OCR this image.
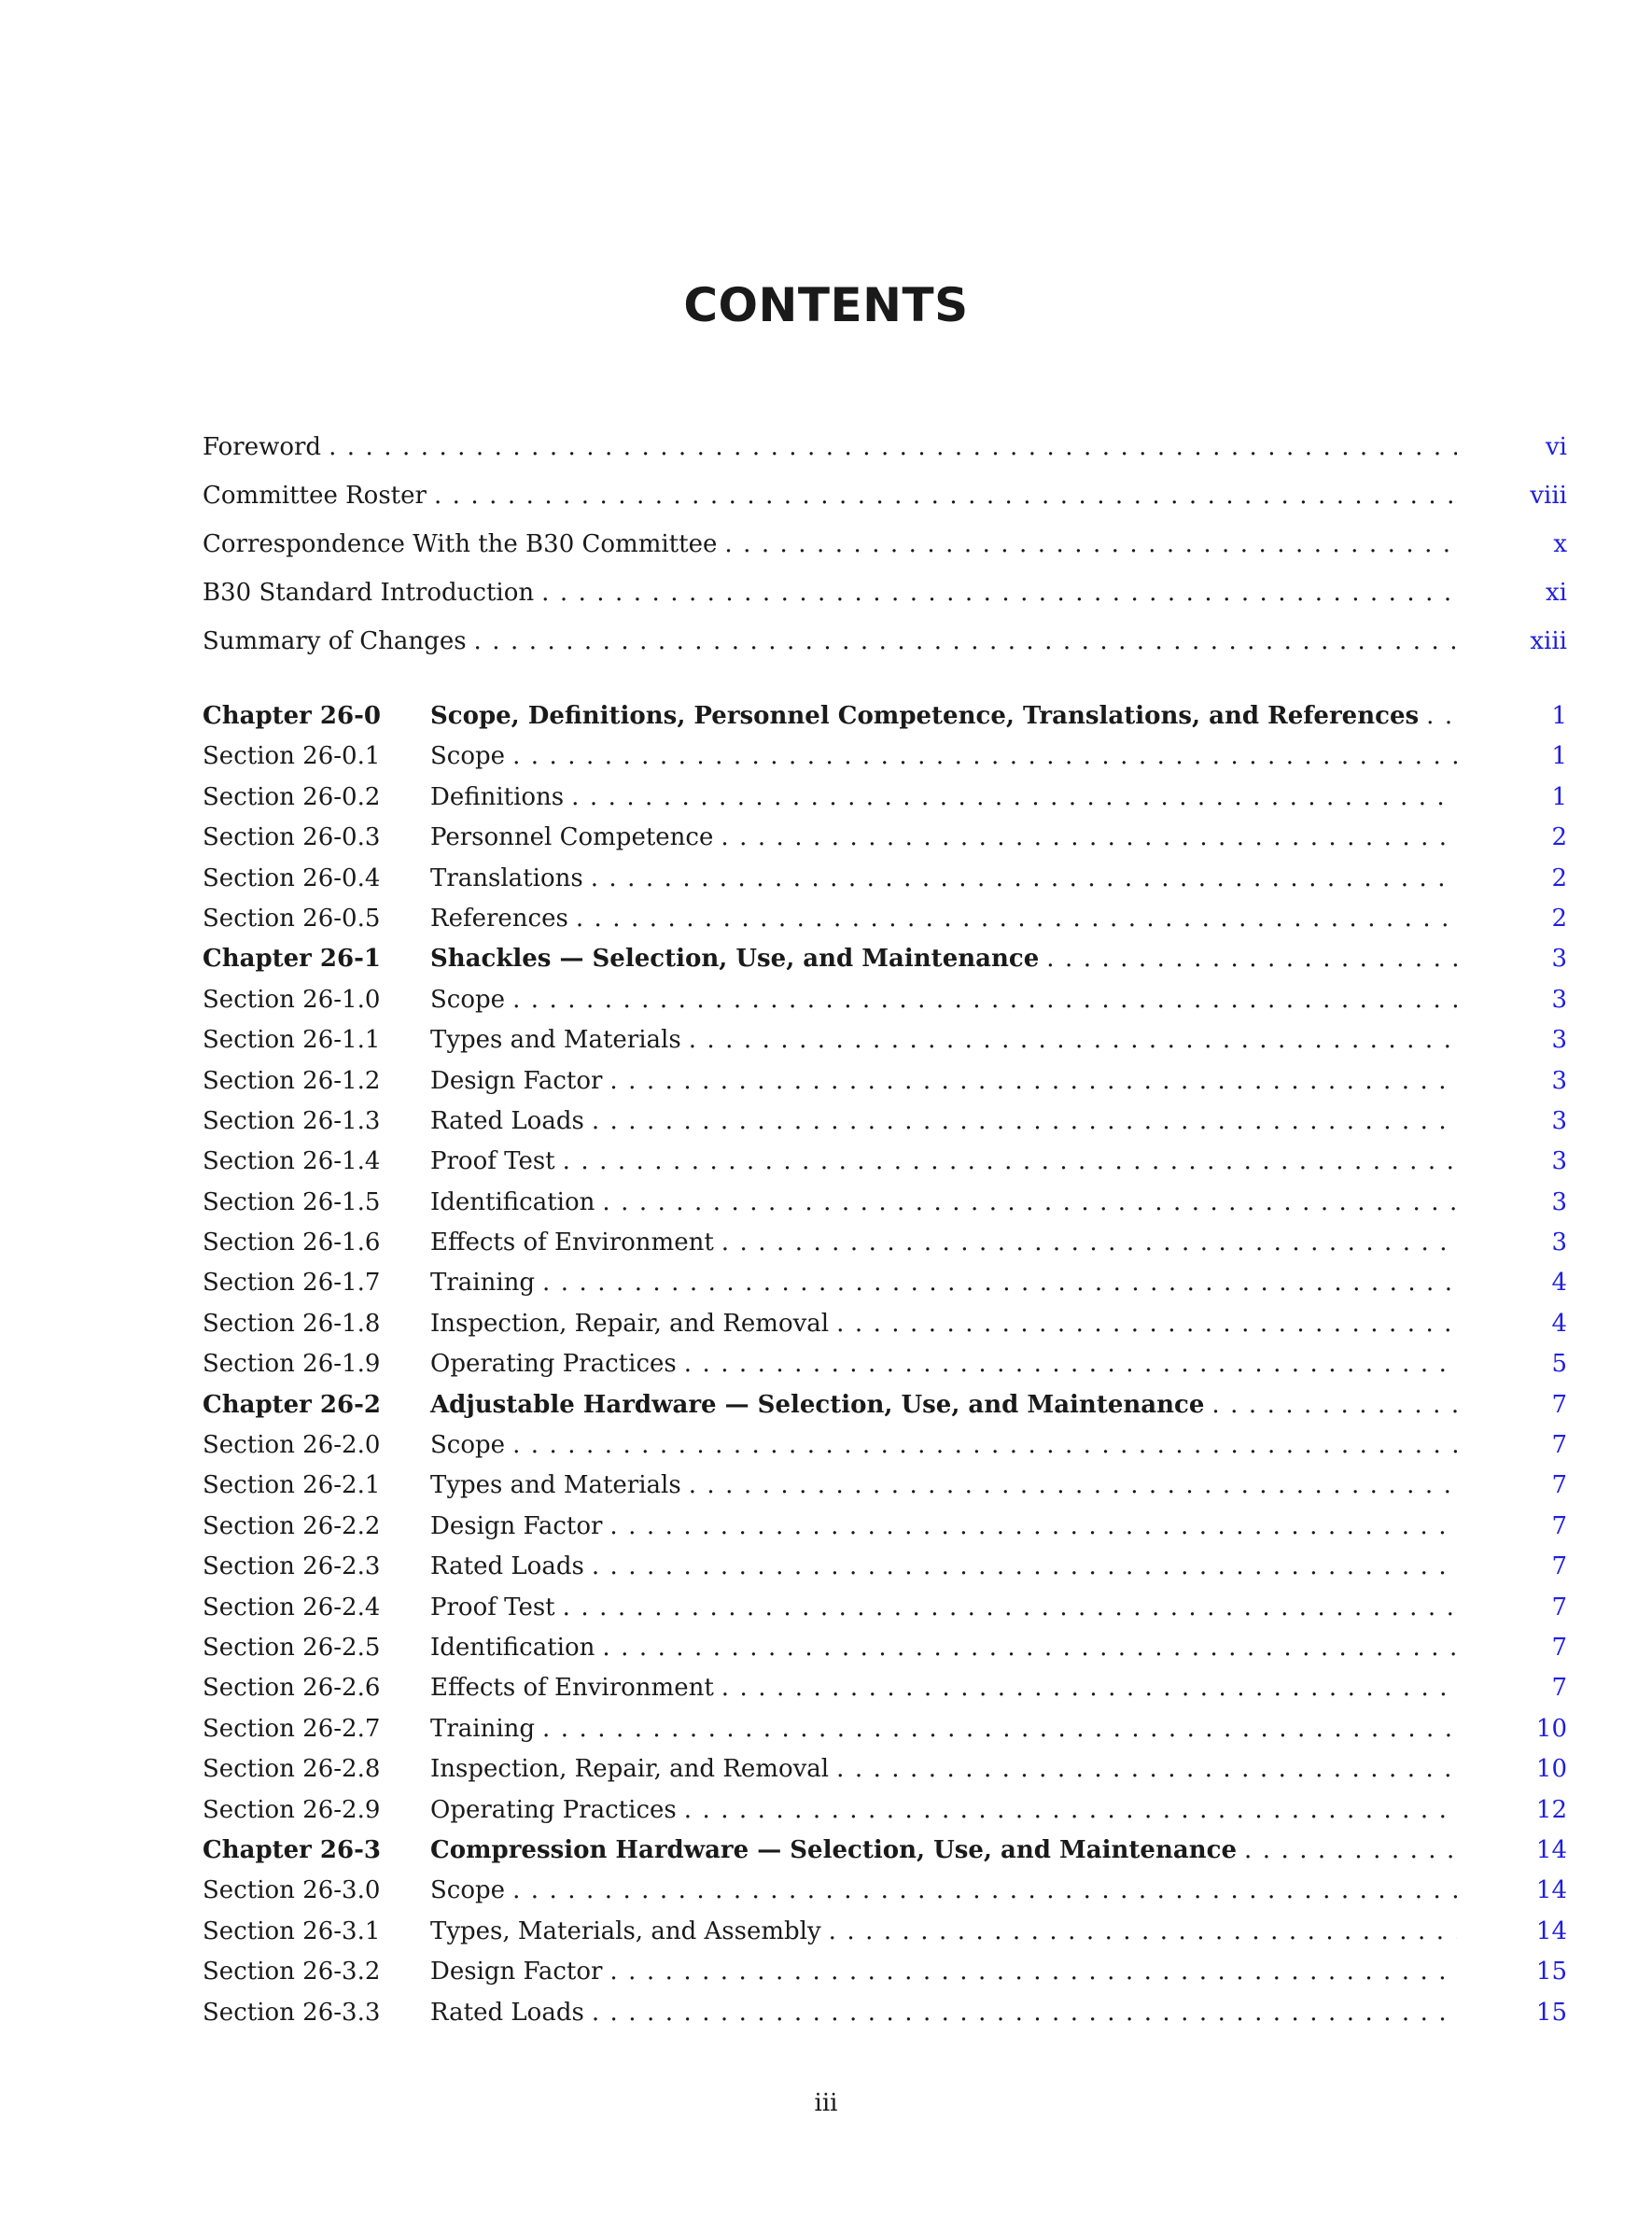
CONTENTS
Foreword . . .	vi
Committee Roster . . .	viii
Correspondence With the B30 Committee . . .	x
B30 Standard Introduction . . .	xi
Summary of Changes . . .	xiii
Chapter 26-0	Scope, Definitions, Personnel Competence, Translations, and References . . .	1
Section 26-0.1	Scope . . .	1
Section 26-0.2	Definitions . . .	1
Section 26-0.3	Personnel Competence . . .	2
Section 26-0.4	Translations . . .	2
Section 26-0.5	References . . .	2
Chapter 26-1	Shackles — Selection, Use, and Maintenance . . .	3
Section 26-1.0	Scope . . .	3
Section 26-1.1	Types and Materials . . .	3
Section 26-1.2	Design Factor . . .	3
Section 26-1.3	Rated Loads . . .	3
Section 26-1.4	Proof Test . . .	3
Section 26-1.5	Identification . . .	3
Section 26-1.6	Effects of Environment . . .	3
Section 26-1.7	Training . . .	4
Section 26-1.8	Inspection, Repair, and Removal . . .	4
Section 26-1.9	Operating Practices . . .	5
Chapter 26-2	Adjustable Hardware — Selection, Use, and Maintenance . . .	7
Section 26-2.0	Scope . . .	7
Section 26-2.1	Types and Materials . . .	7
Section 26-2.2	Design Factor . . .	7
Section 26-2.3	Rated Loads . . .	7
Section 26-2.4	Proof Test . . .	7
Section 26-2.5	Identification . . .	7
Section 26-2.6	Effects of Environment . . .	7
Section 26-2.7	Training . . .	10
Section 26-2.8	Inspection, Repair, and Removal . . .	10
Section 26-2.9	Operating Practices . . .	12
Chapter 26-3	Compression Hardware — Selection, Use, and Maintenance . . .	14
Section 26-3.0	Scope . . .	14
Section 26-3.1	Types, Materials, and Assembly . . .	14
Section 26-3.2	Design Factor . . .	15
Section 26-3.3	Rated Loads . . .	15
iii
